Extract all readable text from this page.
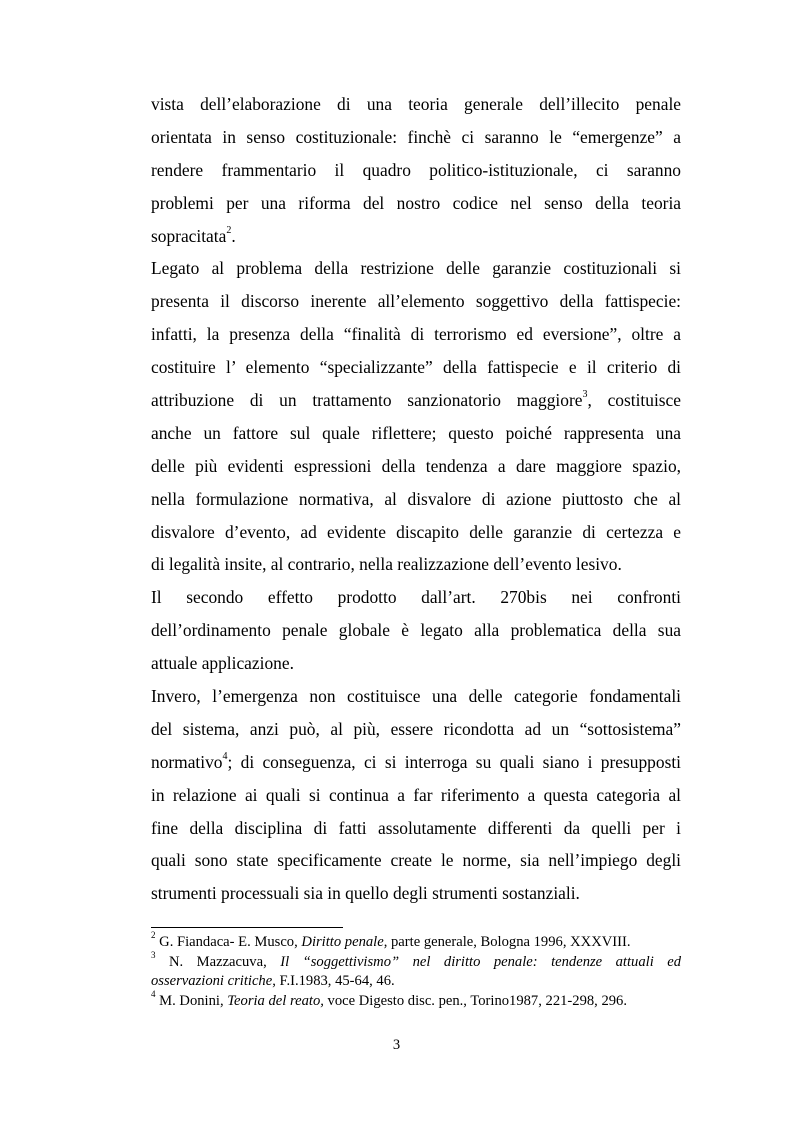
vista dell’elaborazione di una teoria generale dell’illecito penale

orientata in senso costituzionale: finchè ci saranno le “emergenze” a

rendere frammentario il quadro politico-istituzionale, ci saranno

problemi per una riforma del nostro codice nel senso della teoria

sopracitata$^2$.

Legato al problema della restrizione delle garanzie costituzionali si

presenta il discorso inerente all’elemento soggettivo della fattispecie:

infatti, la presenza della “finalità di terrorismo ed eversione”, oltre a

costituire l’ elemento “specializzante” della fattispecie e il criterio di

attribuzione di un trattamento sanzionatorio maggiore$^3$, costituisce

anche un fattore sul quale riflettere; questo poiché rappresenta una

delle più evidenti espressioni della tendenza a dare maggiore spazio,

nella formulazione normativa, al disvalore di azione piuttosto che al

disvalore d’evento, ad evidente discapito delle garanzie di certezza e

di legalità insite, al contrario, nella realizzazione dell’evento lesivo.

Il secondo effetto prodotto dall’art. 270bis nei confronti

dell’ordinamento penale globale è legato alla problematica della sua

attuale applicazione.

Invero, l’emergenza non costituisce una delle categorie fondamentali

del sistema, anzi può, al più, essere ricondotta ad un “sottosistema”

normativo$^4$; di conseguenza, ci si interroga su quali siano i presupposti

in relazione ai quali si continua a far riferimento a questa categoria al

fine della disciplina di fatti assolutamente differenti da quelli per i

quali sono state specificamente create le norme, sia nell’impiego degli

strumenti processuali sia in quello degli strumenti sostanziali.

$^2$ G. Fiandaca- E. Musco, Diritto penale, parte generale, Bologna 1996, XXXVIII.

$^3$ N. Mazzacuva, Il “soggettivismo” nel diritto penale: tendenze attuali ed

osservazioni critiche, F.I.1983, 45-64, 46.

$^4$ M. Donini, Teoria del reato, voce Digesto disc. pen., Torino1987, 221-298, 296.

3
